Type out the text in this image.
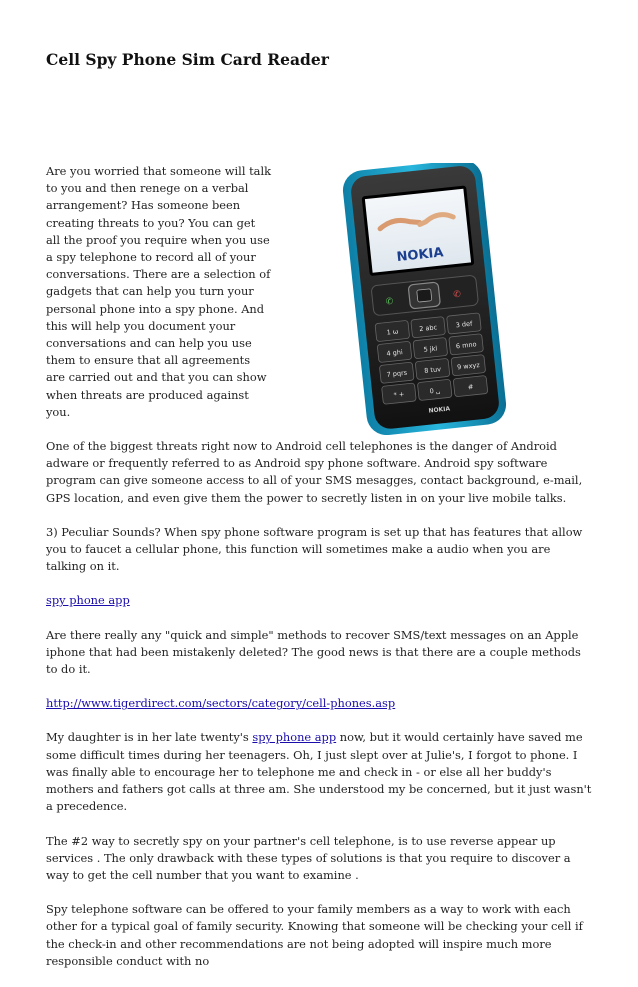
Cell Spy Phone Sim Card Reader
NOKIA
✆
✆
1 ω	2 abc	3 def
4 ghi	5 jkl	6 mno
7 pqrs	8 tuv 9 wxyz
* +	0 ␣	#
NOKIA

Are you worried that someone will talk to you and then renege on a verbal arrangement? Has someone been creating threats to you? You can get all the proof you require when you use a spy telephone to record all of your conversations. There are a selection of gadgets that can help you turn your personal phone into a spy phone. And this will help you document your conversations and can help you use them to ensure that all agreements are carried out and that you can show when threats are produced against you.

One of the biggest threats right now to Android cell telephones is the danger of Android adware or frequently referred to as Android spy phone software. Android spy software program can give someone access to all of your SMS mesagges, contact background, e-mail, GPS location, and even give them the power to secretly listen in on your live mobile talks.

3) Peculiar Sounds? When spy phone software program is set up that has features that allow you to faucet a cellular phone, this function will sometimes make a audio when you are talking on it.

spy phone app

Are there really any "quick and simple" methods to recover SMS/text messages on an Apple iphone that had been mistakenly deleted? The good news is that there are a couple methods to do it.

http://www.tigerdirect.com/sectors/category/cell-phones.asp

My daughter is in her late twenty's spy phone app now, but it would certainly have saved me some difficult times during her teenagers. Oh, I just slept over at Julie's, I forgot to phone. I was finally able to encourage her to telephone me and check in - or else all her buddy's mothers and fathers got calls at three am. She understood my be concerned, but it just wasn't a precedence.

The #2 way to secretly spy on your partner's cell telephone, is to use reverse appear up services . The only drawback with these types of solutions is that you require to discover a way to get the cell number that you want to examine .

Spy telephone software can be offered to your family members as a way to work with each other for a typical goal of family security. Knowing that someone will be checking your cell if the check-in and other recommendations are not being adopted will inspire much more responsible conduct with no
